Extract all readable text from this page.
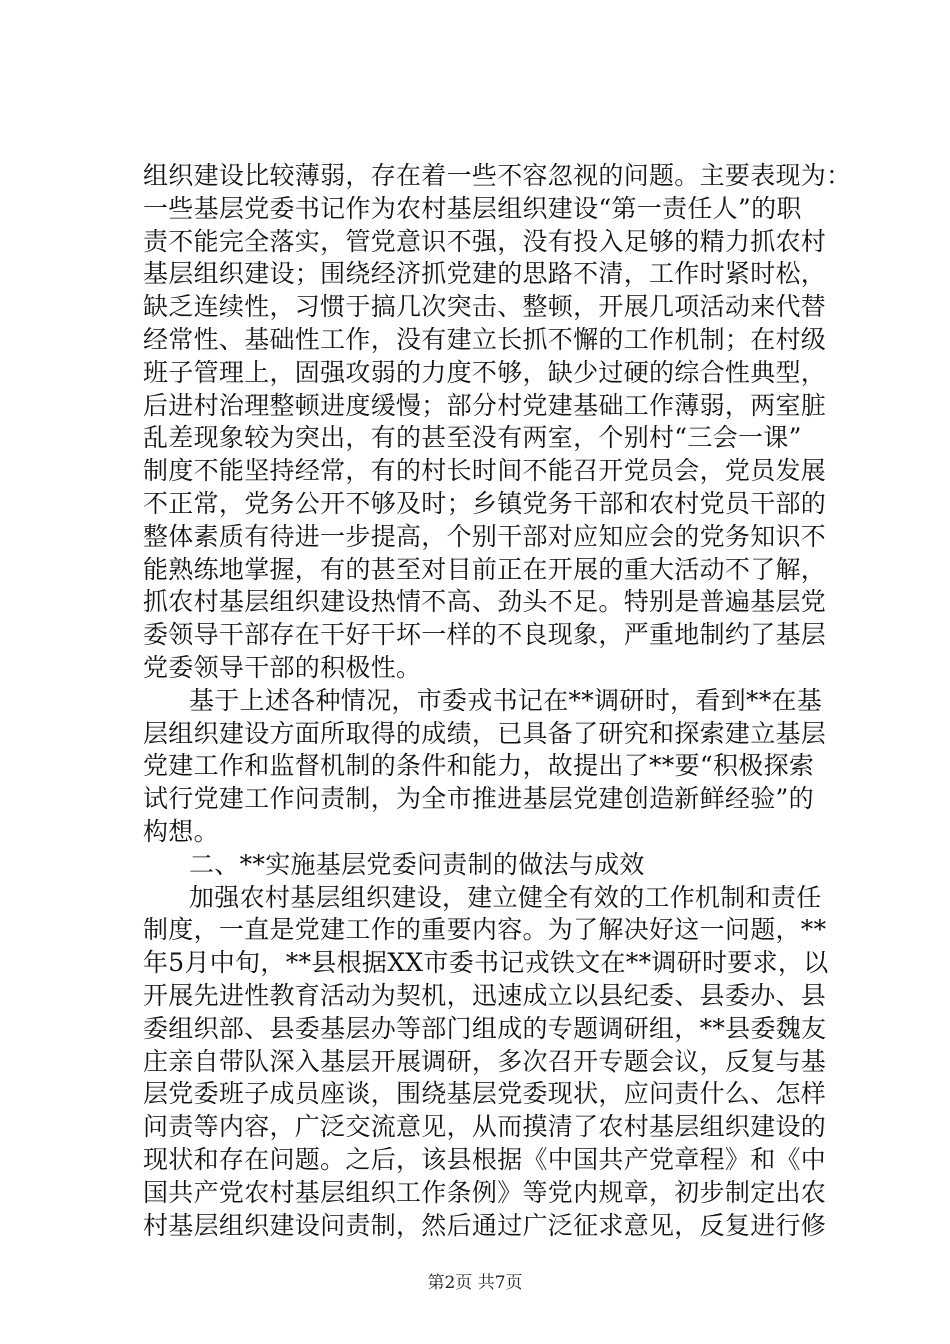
组织建设比较薄弱，存在着一些不容忽视的问题。主要表现为：
一些基层党委书记作为农村基层组织建设“第一责任人”的职
责不能完全落实，管党意识不强，没有投入足够的精力抓农村
基层组织建设；围绕经济抓党建的思路不清，工作时紧时松，
缺乏连续性，习惯于搞几次突击、整顿，开展几项活动来代替
经常性、基础性工作，没有建立长抓不懈的工作机制；在村级
班子管理上，固强攻弱的力度不够，缺少过硬的综合性典型，
后进村治理整顿进度缓慢；部分村党建基础工作薄弱，两室脏
乱差现象较为突出，有的甚至没有两室，个别村“三会一课”
制度不能坚持经常，有的村长时间不能召开党员会，党员发展
不正常，党务公开不够及时；乡镇党务干部和农村党员干部的
整体素质有待进一步提高，个别干部对应知应会的党务知识不
能熟练地掌握，有的甚至对目前正在开展的重大活动不了解，
抓农村基层组织建设热情不高、劲头不足。特别是普遍基层党
委领导干部存在干好干坏一样的不良现象，严重地制约了基层
党委领导干部的积极性。
基于上述各种情况，市委戎书记在**调研时，看到**在基
层组织建设方面所取得的成绩，已具备了研究和探索建立基层
党建工作和监督机制的条件和能力，故提出了**要“积极探索
试行党建工作问责制，为全市推进基层党建创造新鲜经验”的
构想。
二、**实施基层党委问责制的做法与成效
加强农村基层组织建设，建立健全有效的工作机制和责任
制度，一直是党建工作的重要内容。为了解决好这一问题，**
年5月中旬，**县根据XX市委书记戎铁文在**调研时要求，以
开展先进性教育活动为契机，迅速成立以县纪委、县委办、县
委组织部、县委基层办等部门组成的专题调研组，**县委魏友
庄亲自带队深入基层开展调研，多次召开专题会议，反复与基
层党委班子成员座谈，围绕基层党委现状，应问责什么、怎样
问责等内容，广泛交流意见，从而摸清了农村基层组织建设的
现状和存在问题。之后，该县根据《中国共产党章程》和《中
国共产党农村基层组织工作条例》等党内规章，初步制定出农
村基层组织建设问责制，然后通过广泛征求意见，反复进行修
第2页 共7页
